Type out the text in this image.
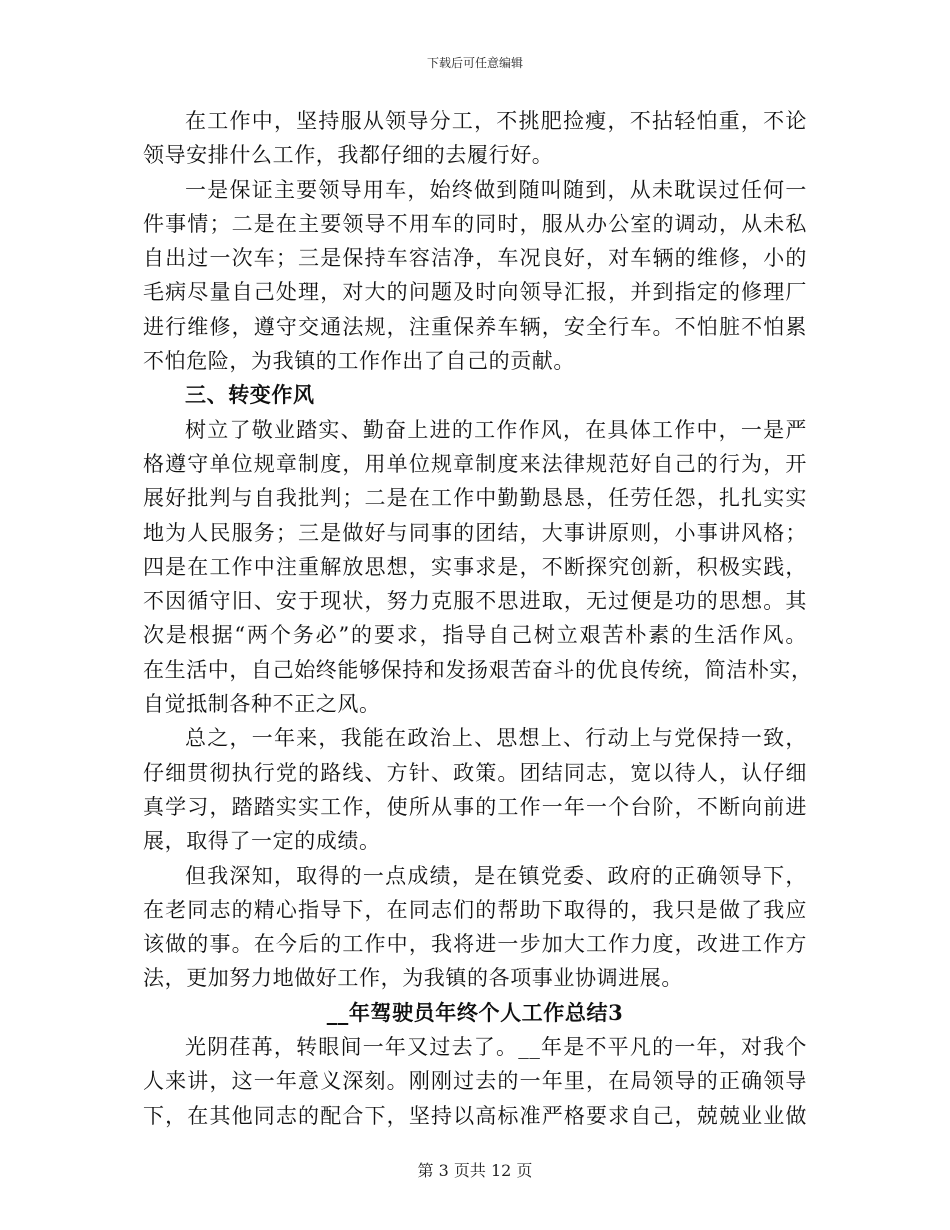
下载后可任意编辑
在工作中，坚持服从领导分工，不挑肥捡瘦，不拈轻怕重，不论
领导安排什么工作，我都仔细的去履行好。
一是保证主要领导用车，始终做到随叫随到，从未耽误过任何一
件事情；二是在主要领导不用车的同时，服从办公室的调动，从未私
自出过一次车；三是保持车容洁净，车况良好，对车辆的维修，小的
毛病尽量自己处理，对大的问题及时向领导汇报，并到指定的修理厂
进行维修，遵守交通法规，注重保养车辆，安全行车。不怕脏不怕累
不怕危险，为我镇的工作作出了自己的贡献。
三、转变作风
树立了敬业踏实、勤奋上进的工作作风，在具体工作中，一是严
格遵守单位规章制度，用单位规章制度来法律规范好自己的行为，开
展好批判与自我批判；二是在工作中勤勤恳恳，任劳任怨，扎扎实实
地为人民服务；三是做好与同事的团结，大事讲原则，小事讲风格；
四是在工作中注重解放思想，实事求是，不断探究创新，积极实践，
不因循守旧、安于现状，努力克服不思进取，无过便是功的思想。其
次是根据“两个务必”的要求，指导自己树立艰苦朴素的生活作风。
在生活中，自己始终能够保持和发扬艰苦奋斗的优良传统，简洁朴实，
自觉抵制各种不正之风。
总之，一年来，我能在政治上、思想上、行动上与党保持一致，
仔细贯彻执行党的路线、方针、政策。团结同志，宽以待人，认仔细
真学习，踏踏实实工作，使所从事的工作一年一个台阶，不断向前进
展，取得了一定的成绩。
但我深知，取得的一点成绩，是在镇党委、政府的正确领导下，
在老同志的精心指导下，在同志们的帮助下取得的，我只是做了我应
该做的事。在今后的工作中，我将进一步加大工作力度，改进工作方
法，更加努力地做好工作，为我镇的各项事业协调进展。
__年驾驶员年终个人工作总结3
光阴荏苒，转眼间一年又过去了。__年是不平凡的一年，对我个
人来讲，这一年意义深刻。刚刚过去的一年里，在局领导的正确领导
下，在其他同志的配合下，坚持以高标准严格要求自己，兢兢业业做
第 3 页共 12 页
